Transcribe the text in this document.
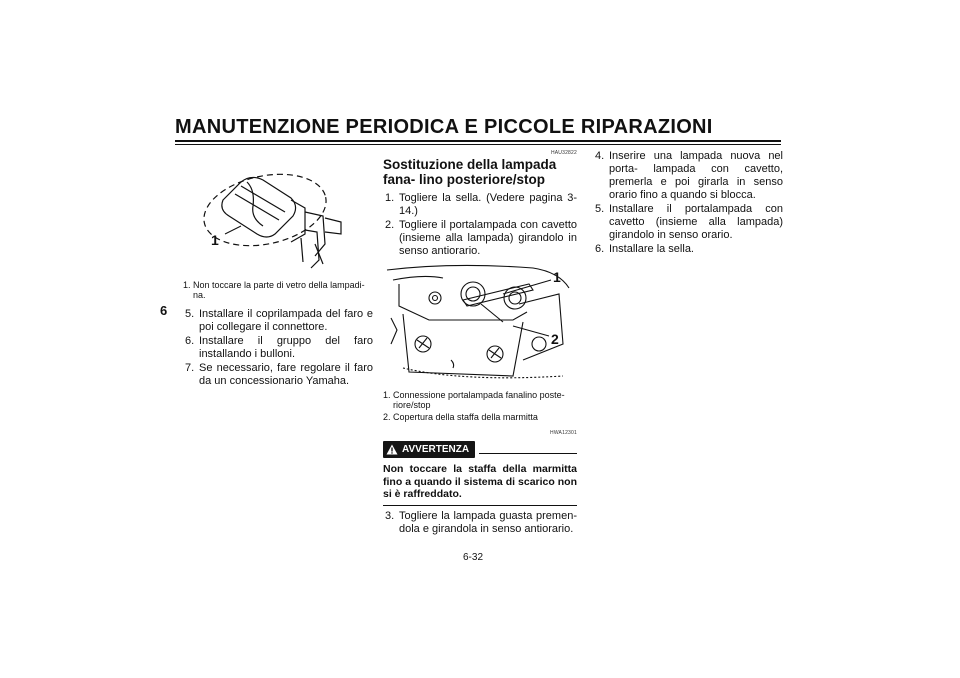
MANUTENZIONE PERIODICA E PICCOLE RIPARAZIONI
6
1
1. Non toccare la parte di vetro della lampadi- na.
5. Installare il coprilampada del faro e poi collegare il connettore.
6. Installare il gruppo del faro installando i bulloni.
7. Se necessario, fare regolare il faro da un concessionario Yamaha.
HAU32822
Sostituzione della lampada fana- lino posteriore/stop
1. Togliere la sella. (Vedere pagina 3-14.)
2. Togliere il portalampada con cavetto (insieme alla lampada) girandolo in senso antiorario.
1
2
1. Connessione portalampada fanalino poste- riore/stop
2. Copertura della staffa della marmitta
HWA12301
AVVERTENZA
Non toccare la staffa della marmitta fino a quando il sistema di scarico non si è raffreddato.
3. Togliere la lampada guasta premen- dola e girandola in senso antiorario.
4. Inserire una lampada nuova nel porta- lampada con cavetto, premerla e poi girarla in senso orario fino a quando si blocca.
5. Installare il portalampada con cavetto (insieme alla lampada) girandolo in senso orario.
6. Installare la sella.
6-32
